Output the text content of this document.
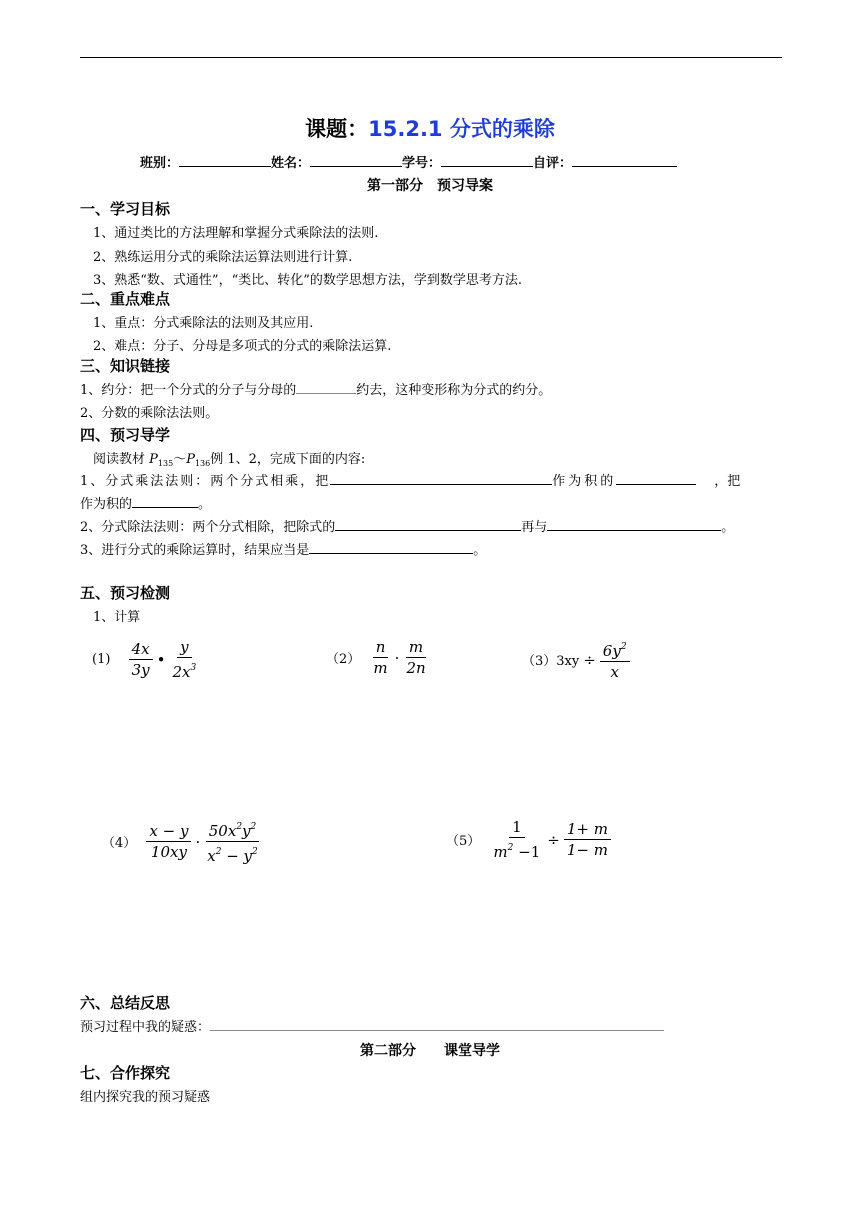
课题：15.2.1 分式的乘除
班别：	姓名：	学号：	自评：
第一部分　预习导案
一、学习目标
1、通过类比的方法理解和掌握分式乘除法的法则.
2、熟练运用分式的乘除法运算法则进行计算.
3、熟悉“数、式通性”，“类比、转化”的数学思想方法，学到数学思考方法.
二、重点难点
1、重点：分式乘除法的法则及其应用.
2、难点：分子、分母是多项式的分式的乘除法运算.
三、知识链接
1、约分：把一个分式的分子与分母的	约去，这种变形称为分式的约分。
2、分数的乘除法法则。
四、预习导学
阅读教材 $P_{135}\sim P_{136}$例 1、2，完成下面的内容:
1、分式乘法法则：两个分式相乘，把	作为积的	，把
作为积的	。
2、分式除法法则：两个分式相除，把除式的	再与	。
3、进行分式的乘除运算时，结果应当是	。
五、预习检测
1、计算
$(1) \frac{4x}{3y}$ • $\frac{y}{2x^3}$	$(2) \frac{n}{m} \cdot \frac{m}{2n}$	$(3)3xy \div \frac{6y^2}{x}$
$(4) \frac{x - y}{10xy} \cdot \frac{50x^2y^2}{x^2 - y^2}$	$(5) \frac{1}{m^2 -1} \div \frac{1+ m}{1- m}$
六、总结反思
预习过程中我的疑惑：
第二部分　　课堂导学
七、合作探究
组内探究我的预习疑惑
